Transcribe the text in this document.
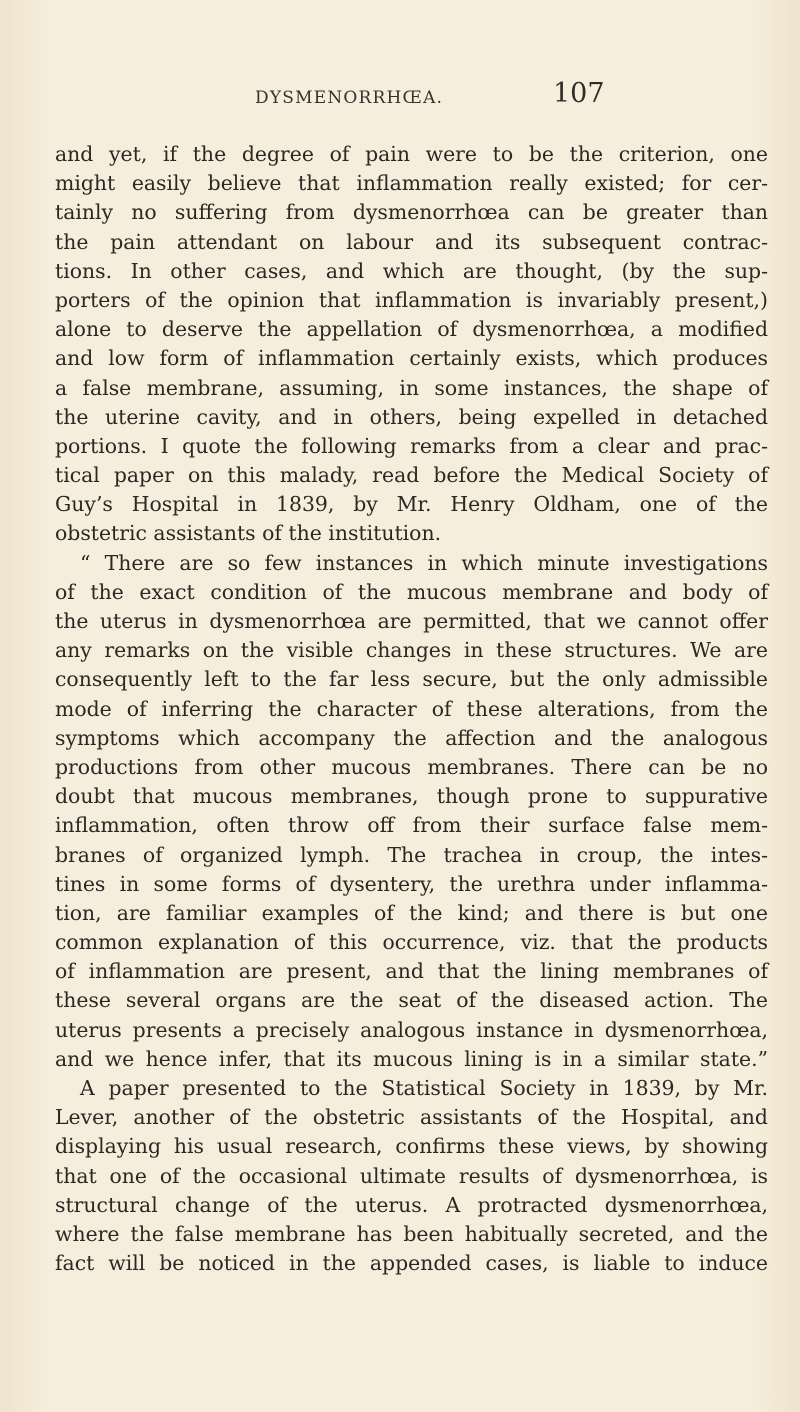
DYSMENORRHŒA.	107
and yet, if the degree of pain were to be the criterion, one
might easily believe that inflammation really existed; for cer-
tainly no suffering from dysmenorrhœa can be greater than
the pain attendant on labour and its subsequent contrac-
tions. In other cases, and which are thought, (by the sup-
porters of the opinion that inflammation is invariably present,)
alone to deserve the appellation of dysmenorrhœa, a modified
and low form of inflammation certainly exists, which produces
a false membrane, assuming, in some instances, the shape of
the uterine cavity, and in others, being expelled in detached
portions. I quote the following remarks from a clear and prac-
tical paper on this malady, read before the Medical Society of
Guy’s Hospital in 1839, by Mr. Henry Oldham, one of the
obstetric assistants of the institution.
“ There are so few instances in which minute investigations
of the exact condition of the mucous membrane and body of
the uterus in dysmenorrhœa are permitted, that we cannot offer
any remarks on the visible changes in these structures. We are
consequently left to the far less secure, but the only admissible
mode of inferring the character of these alterations, from the
symptoms which accompany the affection and the analogous
productions from other mucous membranes. There can be no
doubt that mucous membranes, though prone to suppurative
inflammation, often throw off from their surface false mem-
branes of organized lymph. The trachea in croup, the intes-
tines in some forms of dysentery, the urethra under inflamma-
tion, are familiar examples of the kind; and there is but one
common explanation of this occurrence, viz. that the products
of inflammation are present, and that the lining membranes of
these several organs are the seat of the diseased action. The
uterus presents a precisely analogous instance in dysmenorrhœa,
and we hence infer, that its mucous lining is in a similar state.”
A paper presented to the Statistical Society in 1839, by Mr.
Lever, another of the obstetric assistants of the Hospital, and
displaying his usual research, confirms these views, by showing
that one of the occasional ultimate results of dysmenorrhœa, is
structural change of the uterus. A protracted dysmenorrhœa,
where the false membrane has been habitually secreted, and the
fact will be noticed in the appended cases, is liable to induce
